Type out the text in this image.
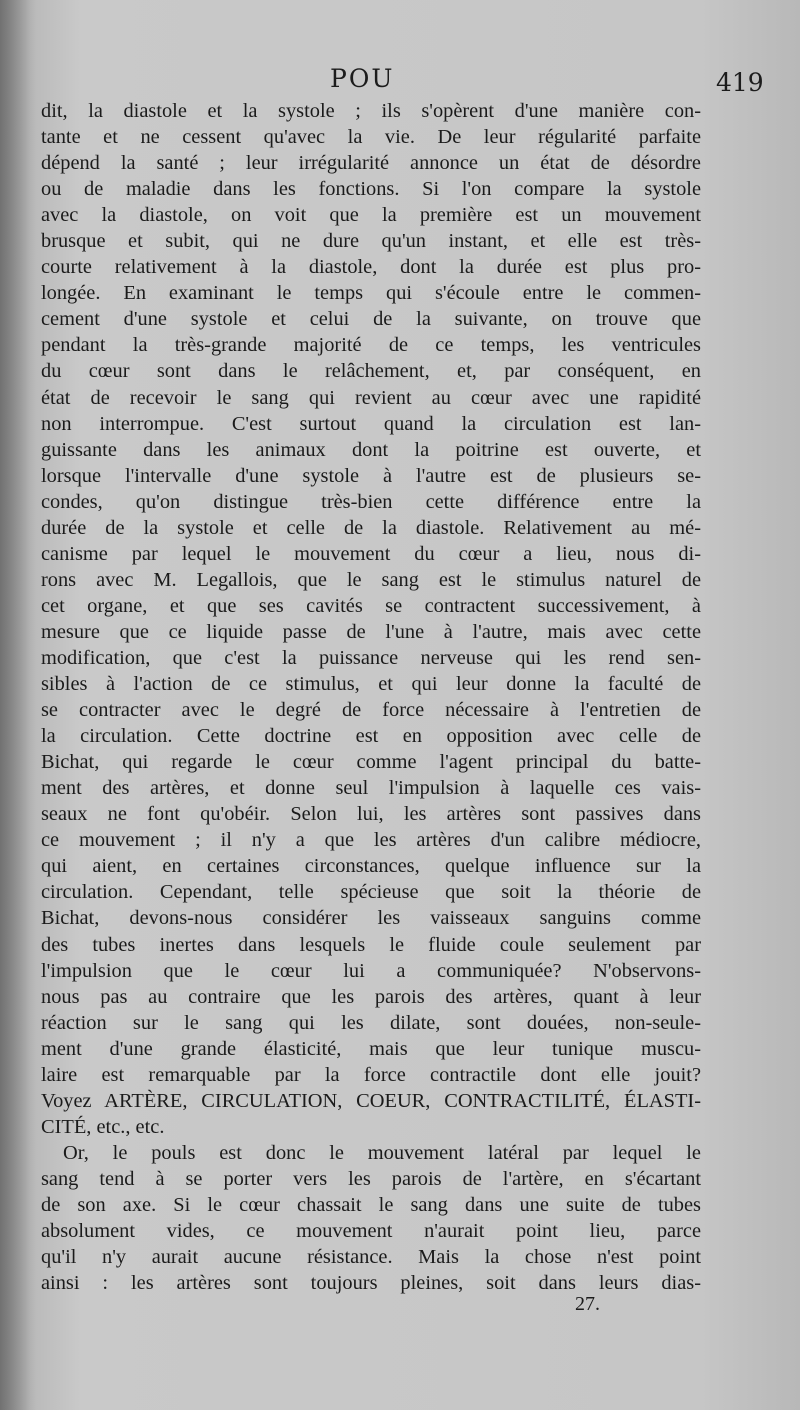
POU	419
dit, la diastole et la systole ; ils s'opèrent d'une manière con-
tante et ne cessent qu'avec la vie. De leur régularité parfaite
dépend la santé ; leur irrégularité annonce un état de désordre
ou de maladie dans les fonctions. Si l'on compare la systole
avec la diastole, on voit que la première est un mouvement
brusque et subit, qui ne dure qu'un instant, et elle est très-
courte relativement à la diastole, dont la durée est plus pro-
longée. En examinant le temps qui s'écoule entre le commen-
cement d'une systole et celui de la suivante, on trouve que
pendant la très-grande majorité de ce temps, les ventricules
du cœur sont dans le relâchement, et, par conséquent, en
état de recevoir le sang qui revient au cœur avec une rapidité
non interrompue. C'est surtout quand la circulation est lan-
guissante dans les animaux dont la poitrine est ouverte, et
lorsque l'intervalle d'une systole à l'autre est de plusieurs se-
condes, qu'on distingue très-bien cette différence entre la
durée de la systole et celle de la diastole. Relativement au mé-
canisme par lequel le mouvement du cœur a lieu, nous di-
rons avec M. Legallois, que le sang est le stimulus naturel de
cet organe, et que ses cavités se contractent successivement, à
mesure que ce liquide passe de l'une à l'autre, mais avec cette
modification, que c'est la puissance nerveuse qui les rend sen-
sibles à l'action de ce stimulus, et qui leur donne la faculté de
se contracter avec le degré de force nécessaire à l'entretien de
la circulation. Cette doctrine est en opposition avec celle de
Bichat, qui regarde le cœur comme l'agent principal du batte-
ment des artères, et donne seul l'impulsion à laquelle ces vais-
seaux ne font qu'obéir. Selon lui, les artères sont passives dans
ce mouvement ; il n'y a que les artères d'un calibre médiocre,
qui aient, en certaines circonstances, quelque influence sur la
circulation. Cependant, telle spécieuse que soit la théorie de
Bichat, devons-nous considérer les vaisseaux sanguins comme
des tubes inertes dans lesquels le fluide coule seulement par
l'impulsion que le cœur lui a communiquée? N'observons-
nous pas au contraire que les parois des artères, quant à leur
réaction sur le sang qui les dilate, sont douées, non-seule-
ment d'une grande élasticité, mais que leur tunique muscu-
laire est remarquable par la force contractile dont elle jouit?
Voyez ARTÈRE, CIRCULATION, COEUR, CONTRACTILITÉ, ÉLASTI-
CITÉ, etc., etc.
Or, le pouls est donc le mouvement latéral par lequel le
sang tend à se porter vers les parois de l'artère, en s'écartant
de son axe. Si le cœur chassait le sang dans une suite de tubes
absolument vides, ce mouvement n'aurait point lieu, parce
qu'il n'y aurait aucune résistance. Mais la chose n'est point
ainsi : les artères sont toujours pleines, soit dans leurs dias-
27.
